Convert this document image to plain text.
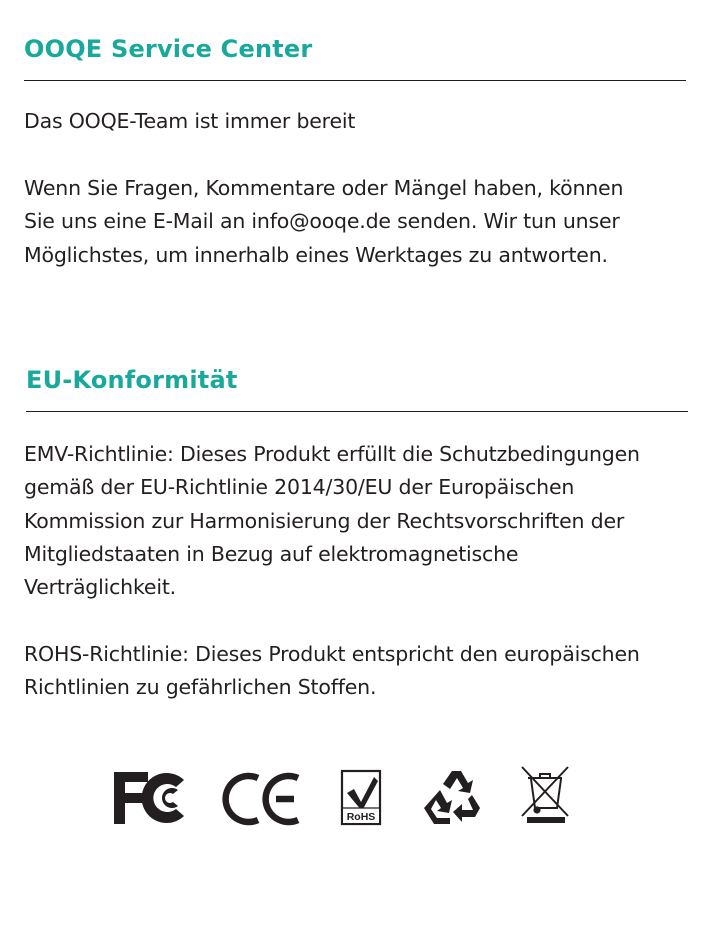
OOQE Service Center

Das OOQE-Team ist immer bereit

Wenn Sie Fragen, Kommentare oder Mängel haben, können
Sie uns eine E-Mail an info@ooqe.de senden. Wir tun unser
Möglichstes, um innerhalb eines Werktages zu antworten.

EU-Konformität

EMV-Richtlinie: Dieses Produkt erfüllt die Schutzbedingungen
gemäß der EU-Richtlinie 2014/30/EU der Europäischen
Kommission zur Harmonisierung der Rechtsvorschriften der
Mitgliedstaaten in Bezug auf elektromagnetische
Verträglichkeit.

ROHS-Richtlinie: Dieses Produkt entspricht den europäischen
Richtlinien zu gefährlichen Stoffen.

RoHS
